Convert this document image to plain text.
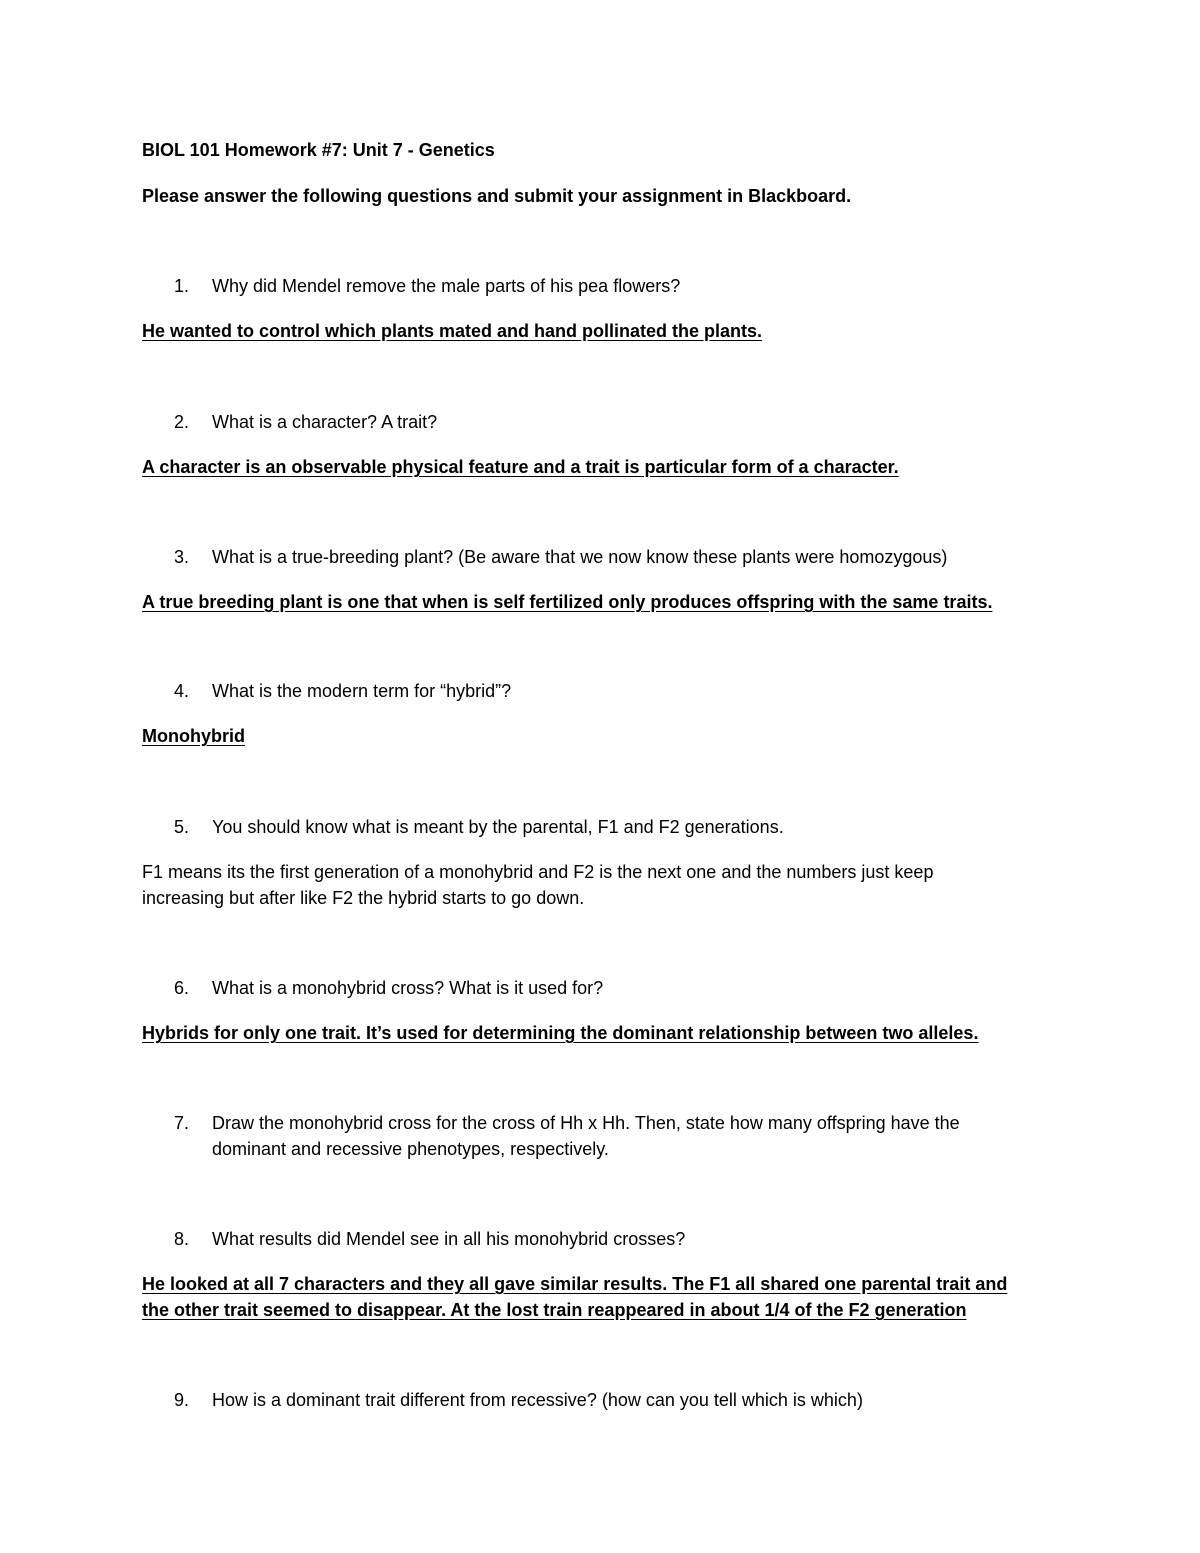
BIOL 101 Homework #7: Unit 7 - Genetics
Please answer the following questions and submit your assignment in Blackboard.
1. Why did Mendel remove the male parts of his pea flowers?
He wanted to control which plants mated and hand pollinated the plants.
2. What is a character? A trait?
A character is an observable physical feature and a trait is particular form of a character.
3. What is a true-breeding plant? (Be aware that we now know these plants were homozygous)
A true breeding plant is one that when is self fertilized only produces offspring with the same traits.
4. What is the modern term for “hybrid”?
Monohybrid
5. You should know what is meant by the parental, F1 and F2 generations.
F1 means its the first generation of a monohybrid and F2 is the next one and the numbers just keep
increasing but after like F2 the hybrid starts to go down.
6. What is a monohybrid cross? What is it used for?
Hybrids for only one trait. It’s used for determining the dominant relationship between two alleles.
7. Draw the monohybrid cross for the cross of Hh x Hh. Then, state how many offspring have the
dominant and recessive phenotypes, respectively.
8. What results did Mendel see in all his monohybrid crosses?
He looked at all 7 characters and they all gave similar results. The F1 all shared one parental trait and
the other trait seemed to disappear. At the lost train reappeared in about 1/4 of the F2 generation
9. How is a dominant trait different from recessive? (how can you tell which is which)
